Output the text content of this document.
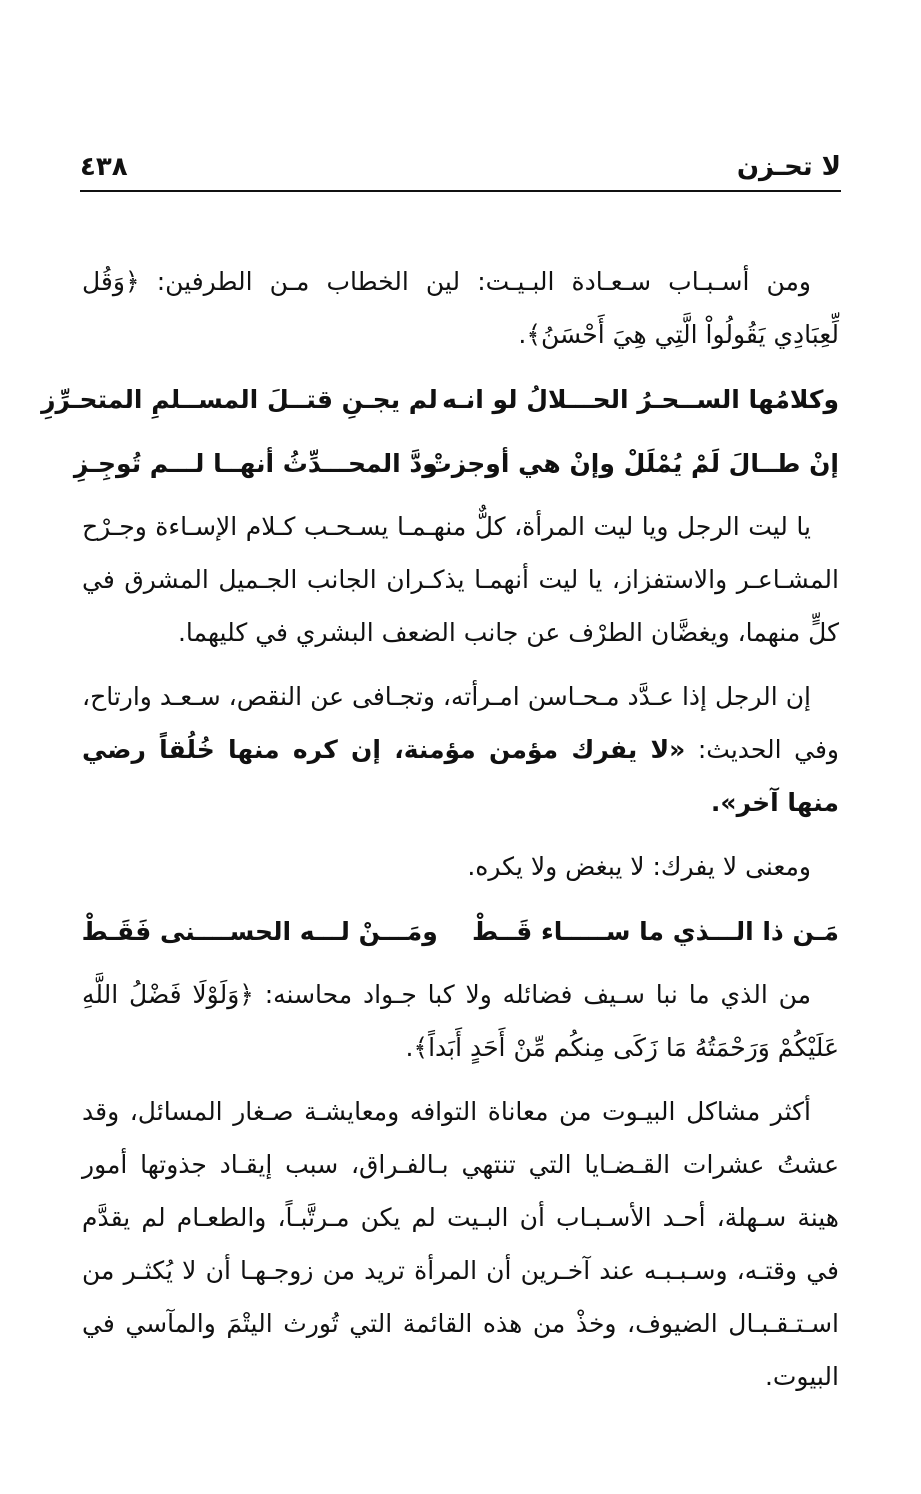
٤٣٨	لا تحـزن

ومن أسـبـاب سـعـادة البـيـت: لين الخطاب مـن الطرفين: ﴿وَقُل لِّعِبَادِي يَقُولُواْ الَّتِي هِيَ أَحْسَنُ﴾.

وكلامُها الســحـرُ الحـــلالُ لو انـه
لم يجـنِ قتــلَ المســلمِ المتحـرِّزِ
إنْ طــالَ لَمْ يُمْلَلْ وإنْ هي أوجزتْ
ودَّ المحـــدِّثُ أنهــا لـــم تُوجِـزِ

يا ليت الرجل ويا ليت المرأة، كلٌّ منهـمـا يسـحـب كـلام الإسـاءة وجـرْح المشـاعـر والاستفزاز، يا ليت أنهمـا يذكـران الجانب الجـميل المشرق في كلٍّ منهما، ويغضَّان الطرْف عن جانب الضعف البشري في كليهما.

إن الرجل إذا عـدَّد مـحـاسن امـرأته، وتجـافى عن النقص، سـعـد وارتاح، وفي الحديث: «لا يفرك مؤمن مؤمنة، إن كره منها خُلُقاً رضي منها آخر».

ومعنى لا يفرك: لا يبغض ولا يكره.

مَـن ذا الـــذي ما ســـــاء قَــطْ
ومَـــنْ لـــه الحســــنى فَقَـطْ

من الذي ما نبا سـيف فضائله ولا كبا جـواد محاسنه: ﴿وَلَوْلَا فَضْلُ اللَّهِ عَلَيْكُمْ وَرَحْمَتُهُ مَا زَكَى مِنكُم مِّنْ أَحَدٍ أَبَداً﴾.

أكثر مشاكل البيـوت من معاناة التوافه ومعايشـة صـغار المسائل، وقد عشتُ عشرات القـضـايا التي تنتهي بـالفـراق، سبب إيقـاد جذوتها أمور هينة سـهلة، أحـد الأسـبـاب أن البـيت لم يكن مـرتَّبـاً، والطعـام لم يقدَّم في وقتـه، وسـبـبـه عند آخـرين أن المرأة تريد من زوجـهـا أن لا يُكثـر من اسـتـقـبـال الضيوف، وخذْ من هذه القائمة التي تُورث اليتْمَ والمآسي في البيوت.
